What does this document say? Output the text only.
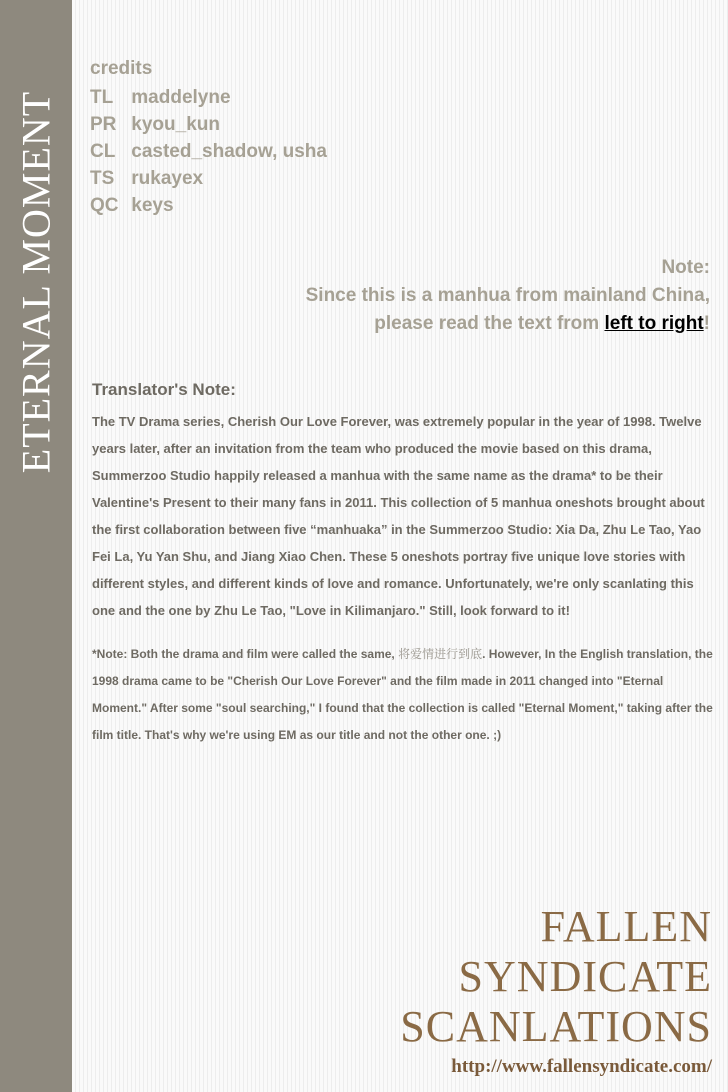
ETERNAL MOMENT
credits
TL maddelyne
PR kyou_kun
CL casted_shadow, usha
TS rukayex
QC keys
Note:
Since this is a manhua from mainland China,
please read the text from left to right!
Translator's Note:

The TV Drama series, Cherish Our Love Forever, was extremely popular in the year of 1998. Twelve years later, after an invitation from the team who produced the movie based on this drama, Summerzoo Studio happily released a manhua with the same name as the drama* to be their Valentine's Present to their many fans in 2011. This collection of 5 manhua oneshots brought about the first collaboration between five “manhuaka” in the Summerzoo Studio: Xia Da, Zhu Le Tao, Yao Fei La, Yu Yan Shu, and Jiang Xiao Chen. These 5 oneshots portray five unique love stories with different styles, and different kinds of love and romance. Unfortunately, we're only scanlating this one and the one by Zhu Le Tao, "Love in Kilimanjaro." Still, look forward to it!

*Note: Both the drama and film were called the same, 将爱情进行到底. However, In the English translation, the 1998 drama came to be "Cherish Our Love Forever" and the film made in 2011 changed into "Eternal Moment." After some "soul searching," I found that the collection is called "Eternal Moment," taking after the film title. That's why we're using EM as our title and not the other one. ;)

FALLEN
SYNDICATE
SCANLATIONS
http://www.fallensyndicate.com/
